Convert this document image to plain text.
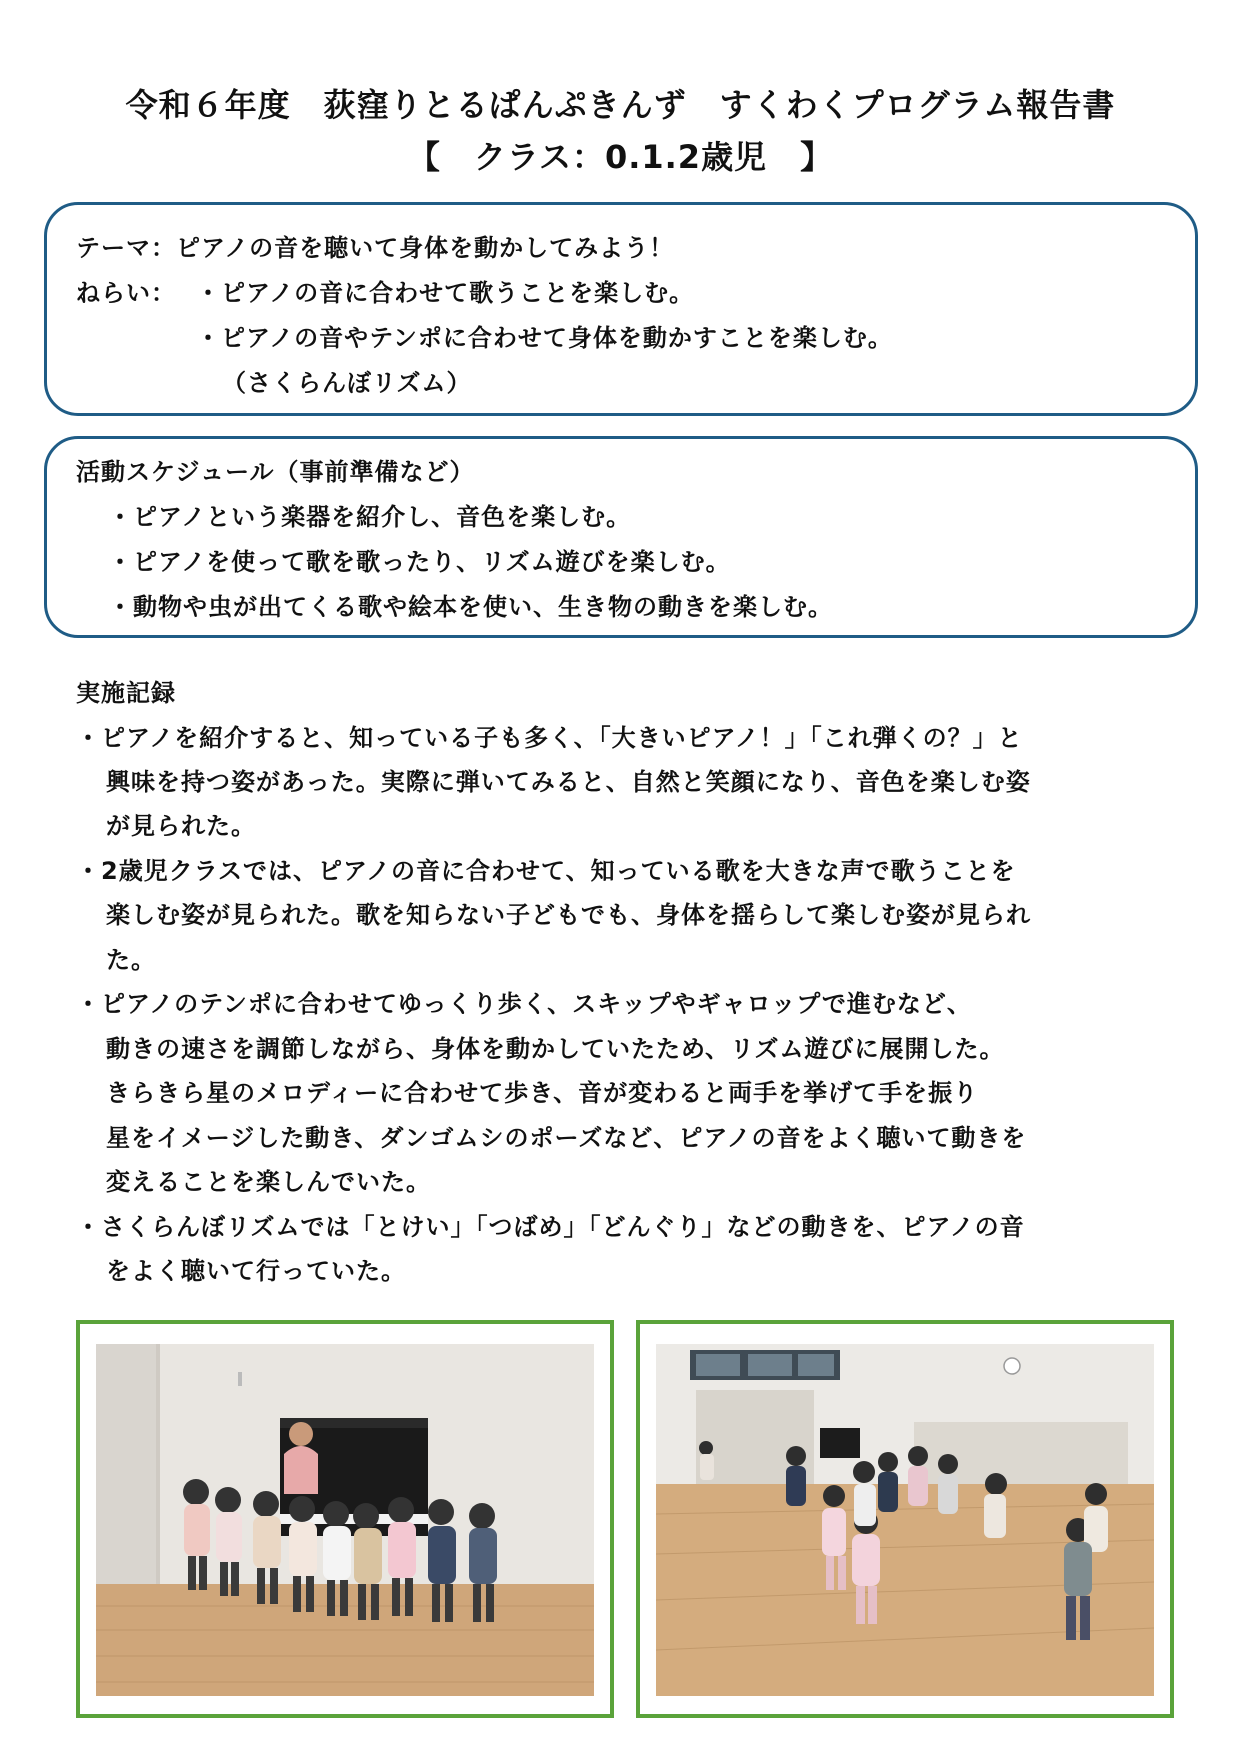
令和６年度　荻窪りとるぱんぷきんず　すくわくプログラム報告書
【　クラス：0.1.2歳児　】
テーマ：ピアノの音を聴いて身体を動かしてみよう！
ねらい： ・ピアノの音に合わせて歌うことを楽しむ。
・ピアノの音やテンポに合わせて身体を動かすことを楽しむ。
（さくらんぼリズム）
活動スケジュール（事前準備など）
・ピアノという楽器を紹介し、音色を楽しむ。
・ピアノを使って歌を歌ったり、リズム遊びを楽しむ。
・動物や虫が出てくる歌や絵本を使い、生き物の動きを楽しむ。
実施記録
・ピアノを紹介すると、知っている子も多く、「大きいピアノ！」「これ弾くの？」と
興味を持つ姿があった。実際に弾いてみると、自然と笑顔になり、音色を楽しむ姿
が見られた。
・2歳児クラスでは、ピアノの音に合わせて、知っている歌を大きな声で歌うことを
楽しむ姿が見られた。歌を知らない子どもでも、身体を揺らして楽しむ姿が見られ
た。
・ピアノのテンポに合わせてゆっくり歩く、スキップやギャロップで進むなど、
動きの速さを調節しながら、身体を動かしていたため、リズム遊びに展開した。
きらきら星のメロディーに合わせて歩き、音が変わると両手を挙げて手を振り
星をイメージした動き、ダンゴムシのポーズなど、ピアノの音をよく聴いて動きを
変えることを楽しんでいた。
・さくらんぼリズムでは「とけい」「つばめ」「どんぐり」などの動きを、ピアノの音
をよく聴いて行っていた。
